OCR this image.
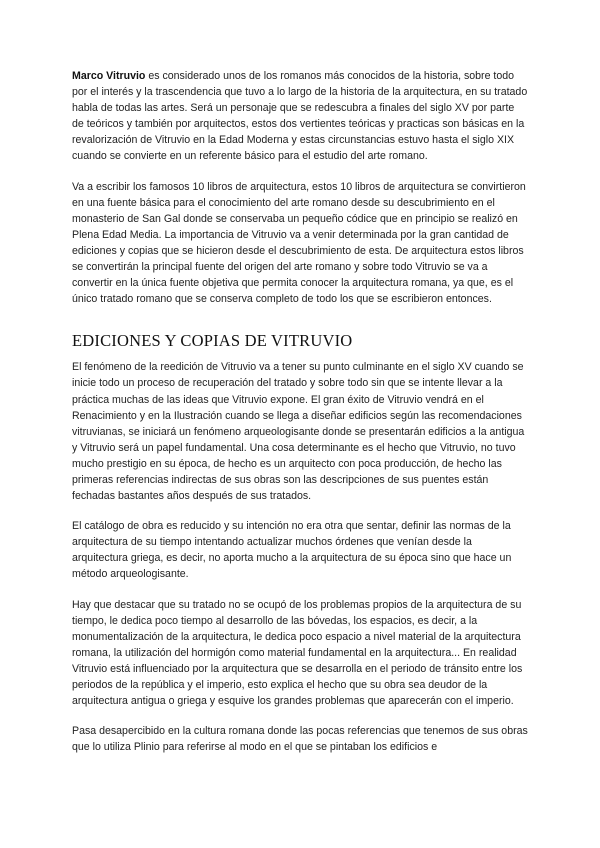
Marco Vitruvio es considerado unos de los romanos más conocidos de la historia, sobre todo por el interés y la trascendencia que tuvo a lo largo de la historia de la arquitectura, en su tratado habla de todas las artes. Será un personaje que se redescubra a finales del siglo XV por parte de teóricos y también por arquitectos, estos dos vertientes teóricas y practicas son básicas en la revalorización de Vitruvio en la Edad Moderna y estas circunstancias estuvo hasta el siglo XIX cuando se convierte en un referente básico para el estudio del arte romano.

Va a escribir los famosos 10 libros de arquitectura, estos 10 libros de arquitectura se convirtieron en una fuente básica para el conocimiento del arte romano desde su descubrimiento en el monasterio de San Gal donde se conservaba un pequeño códice que en principio se realizó en Plena Edad Media. La importancia de Vitruvio va a venir determinada por la gran cantidad de ediciones y copias que se hicieron desde el descubrimiento de esta. De arquitectura estos libros se convertirán la principal fuente del origen del arte romano y sobre todo Vitruvio se va a convertir en la única fuente objetiva que permita conocer la arquitectura romana, ya que, es el único tratado romano que se conserva completo de todo los que se escribieron entonces.

EDICIONES Y COPIAS DE VITRUVIO

El fenómeno de la reedición de Vitruvio va a tener su punto culminante en el siglo XV cuando se inicie todo un proceso de recuperación del tratado y sobre todo sin que se intente llevar a la práctica muchas de las ideas que Vitruvio expone. El gran éxito de Vitruvio vendrá en el Renacimiento y en la Ilustración cuando se llega a diseñar edificios según las recomendaciones vitruvianas, se iniciará un fenómeno arqueologisante donde se presentarán edificios a la antigua y Vitruvio será un papel fundamental. Una cosa determinante es el hecho que Vitruvio, no tuvo mucho prestigio en su época, de hecho es un arquitecto con poca producción, de hecho las primeras referencias indirectas de sus obras son las descripciones de sus puentes están fechadas bastantes años después de sus tratados.

El catálogo de obra es reducido y su intención no era otra que sentar, definir las normas de la arquitectura de su tiempo intentando actualizar muchos órdenes que venían desde la arquitectura griega, es decir, no aporta mucho a la arquitectura de su época sino que hace un método arqueologisante.

Hay que destacar que su tratado no se ocupó de los problemas propios de la arquitectura de su tiempo, le dedica poco tiempo al desarrollo de las bóvedas, los espacios, es decir, a la monumentalización de la arquitectura, le dedica poco espacio a nivel material de la arquitectura romana, la utilización del hormigón como material fundamental en la arquitectura... En realidad Vitruvio está influenciado por la arquitectura que se desarrolla en el periodo de tránsito entre los periodos de la república y el imperio, esto explica el hecho que su obra sea deudor de la arquitectura antigua o griega y esquive los grandes problemas que aparecerán con el imperio.

Pasa desapercibido en la cultura romana donde las pocas referencias que tenemos de sus obras que lo utiliza Plinio para referirse al modo en el que se pintaban los edificios e
